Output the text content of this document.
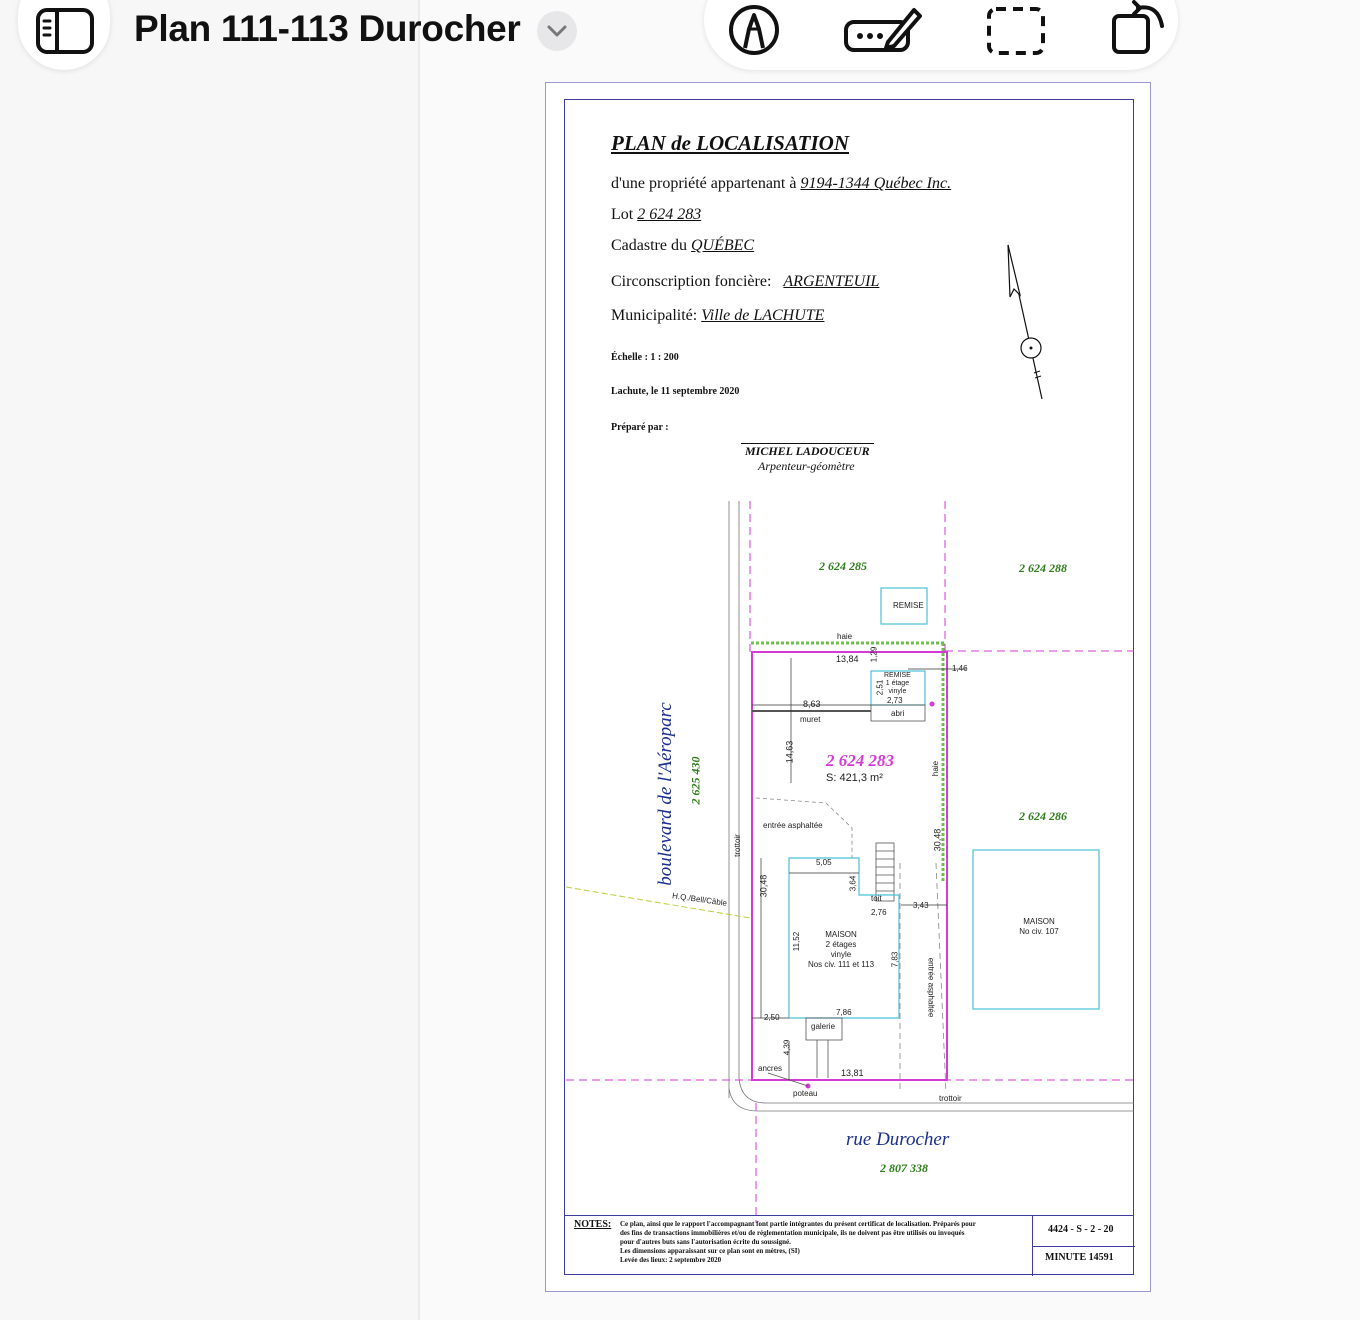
Plan 111-113 Durocher
PLAN de LOCALISATION
d'une propriété appartenant à 9194-1344 Québec Inc.
Lot 2 624 283
Cadastre du QUÉBEC
Circonscription foncière: ARGENTEUIL
Municipalité: Ville de LACHUTE
Échelle : 1 : 200
Lachute, le 11 septembre 2020
Préparé par :
MICHEL LADOUCEUR
Arpenteur-géomètre
2 624 285	2 624 288
REMISE
haie
13,84 1,29
1,46
REMISE
1 étage
vinyle
2,51
2,73
abri
8,63
muret
14,63 2 624 283
S: 421,3 m²
haie
2 624 286
entrée asphaltée
30,48
trottoir
5,05
3,64
30,48
toit
3,43
2,76
H.Q./Bell/Câble
MAISON
2 étages
vinyle
Nos civ. 111 et 113
11,52
7,83	entrée asphaltée
MAISON
No civ. 107
7,86
2,50
galerie
4,39
ancres	13,81
poteau
trottoir
rue Durocher
2 807 338
boulevard de l'Aéroparc 2 625 430
4424 - S - 2 - 20
MINUTE 14591
NOTES: Ce plan, ainsi que le rapport l'accompagnant font partie intégrantes du présent certificat de localisation. Préparés pour
des fins de transactions immobilières et/ou de réglementation municipale, ils ne doivent pas être utilisés ou invoqués
pour d'autres buts sans l'autorisation écrite du soussigné.
Les dimensions apparaissant sur ce plan sont en mètres, (SI)
Levée des lieux: 2 septembre 2020
